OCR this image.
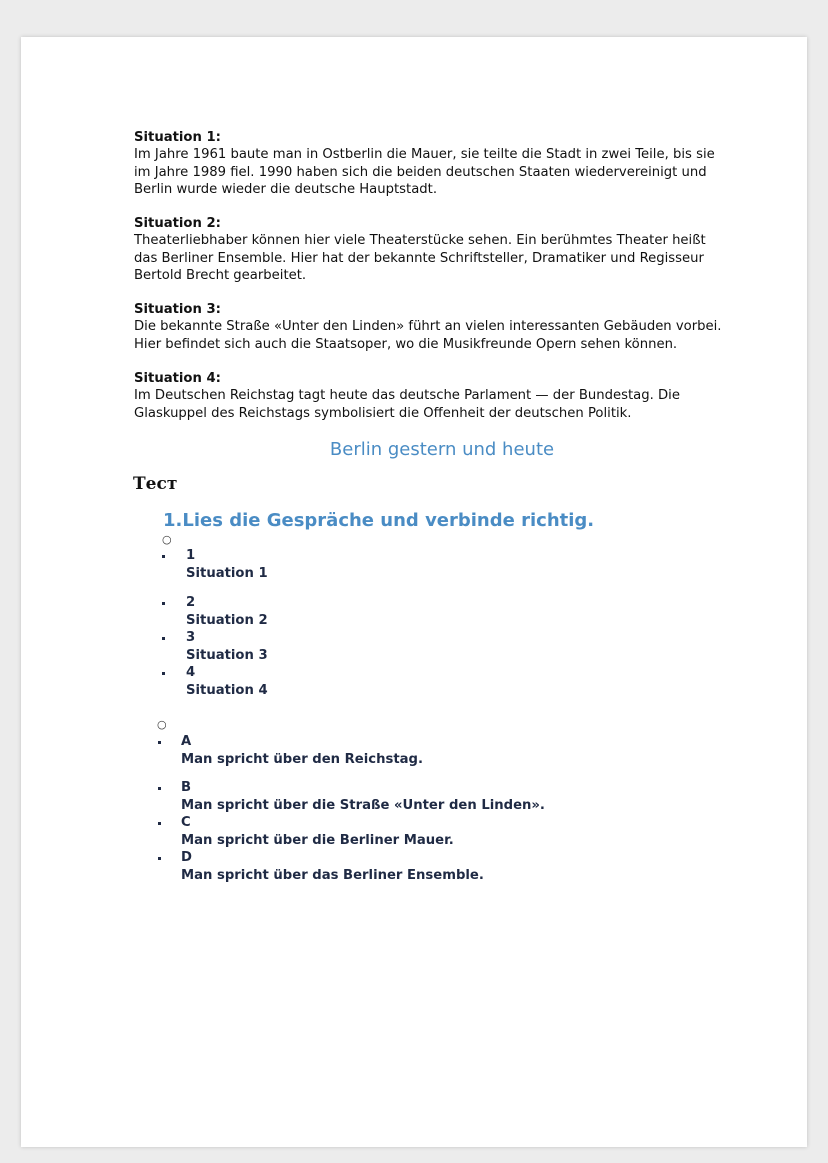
Situation 1:
Im Jahre 1961 baute man in Ostberlin die Mauer, sie teilte die Stadt in zwei Teile, bis sie
im Jahre 1989 fiel. 1990 haben sich die beiden deutschen Staaten wiedervereinigt und
Berlin wurde wieder die deutsche Hauptstadt.
Situation 2:
Theaterliebhaber können hier viele Theaterstücke sehen. Ein berühmtes Theater heißt
das Berliner Ensemble. Hier hat der bekannte Schriftsteller, Dramatiker und Regisseur
Bertold Brecht gearbeitet.
Situation 3:
Die bekannte Straße «Unter den Linden» führt an vielen interessanten Gebäuden vorbei.
Hier befindet sich auch die Staatsoper, wo die Musikfreunde Opern sehen können.
Situation 4:
Im Deutschen Reichstag tagt heute das deutsche Parlament — der Bundestag. Die
Glaskuppel des Reichstags symbolisiert die Offenheit der deutschen Politik.
Berlin gestern und heute
Тест
1.Lies die Gespräche und verbinde richtig.
○
1
Situation 1
2
Situation 2
3
Situation 3
4
Situation 4
○
A
Man spricht über den Reichstag.
B
Man spricht über die Straße «Unter den Linden».
C
Man spricht über die Berliner Mauer.
D
Man spricht über das Berliner Ensemble.
